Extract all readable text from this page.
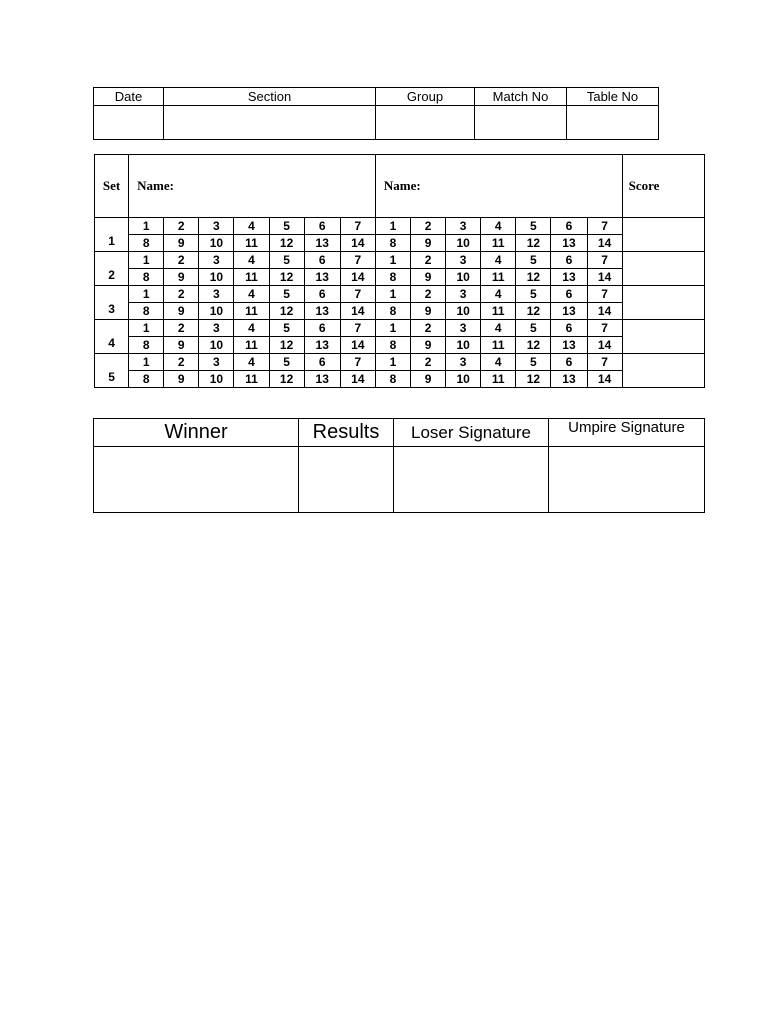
Date	Section	Group	Match No	Table No

Set	Name:							Name:							Score
1	1	2	3	4	5	6	7	1	2	3	4	5	6	7	
	8	9	10	11	12	13	14	8	9	10	11	12	13	14	
2	1	2	3	4	5	6	7	1	2	3	4	5	6	7	
	8	9	10	11	12	13	14	8	9	10	11	12	13	14	
3	1	2	3	4	5	6	7	1	2	3	4	5	6	7	
	8	9	10	11	12	13	14	8	9	10	11	12	13	14	
4	1	2	3	4	5	6	7	1	2	3	4	5	6	7	
	8	9	10	11	12	13	14	8	9	10	11	12	13	14	
5	1	2	3	4	5	6	7	1	2	3	4	5	6	7	
	8	9	10	11	12	13	14	8	9	10	11	12	13	14	
Winner	Results	Loser Signature	Umpire Signature
